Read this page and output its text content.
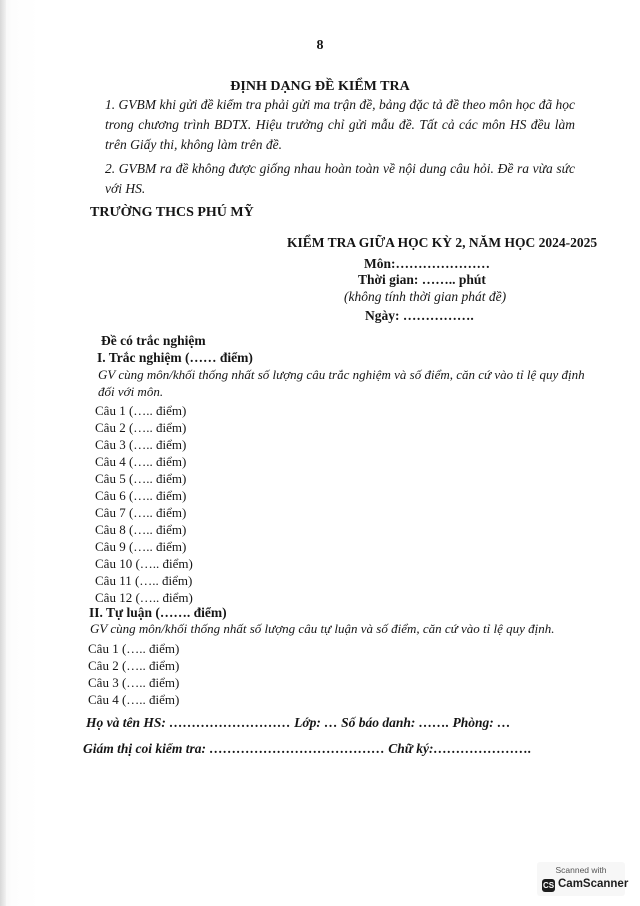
8
ĐỊNH DẠNG ĐỀ KIỂM TRA
1. GVBM khi gửi đề kiểm tra phải gửi ma trận đề, bảng đặc tả đề theo môn học đã học trong chương trình BDTX. Hiệu trưởng chỉ gửi mẫu đề. Tất cả các môn HS đều làm trên Giấy thi, không làm trên đề.
2. GVBM ra đề không được giống nhau hoàn toàn về nội dung câu hỏi. Đề ra vừa sức với HS.
TRƯỜNG THCS PHÚ MỸ
KIỂM TRA GIỮA HỌC KỲ 2, NĂM HỌC 2024-2025
Môn:…………………
Thời gian: …….. phút
(không tính thời gian phát đề)
Ngày: …………….
Đề có trắc nghiệm
I. Trắc nghiệm (…… điểm)
GV cùng môn/khối thống nhất số lượng câu trắc nghiệm và số điểm, căn cứ vào tỉ lệ quy định đối với môn.
Câu 1 (….. điểm)
Câu 2 (….. điểm)
Câu 3 (….. điểm)
Câu 4 (….. điểm)
Câu 5 (….. điểm)
Câu 6 (….. điểm)
Câu 7 (….. điểm)
Câu 8 (….. điểm)
Câu 9 (….. điểm)
Câu 10 (….. điểm)
Câu 11 (….. điểm)
Câu 12 (….. điểm)
II. Tự luận (……. điểm)
GV cùng môn/khối thống nhất số lượng câu tự luận và số điểm, căn cứ vào tỉ lệ quy định.
Câu 1 (….. điểm)
Câu 2 (….. điểm)
Câu 3 (….. điểm)
Câu 4 (….. điểm)
Họ và tên HS: ……………………… Lớp: … Số báo danh: ……. Phòng: …
Giám thị coi kiểm tra: ………………………………… Chữ ký:………………….
Scanned with
CS CamScanner
